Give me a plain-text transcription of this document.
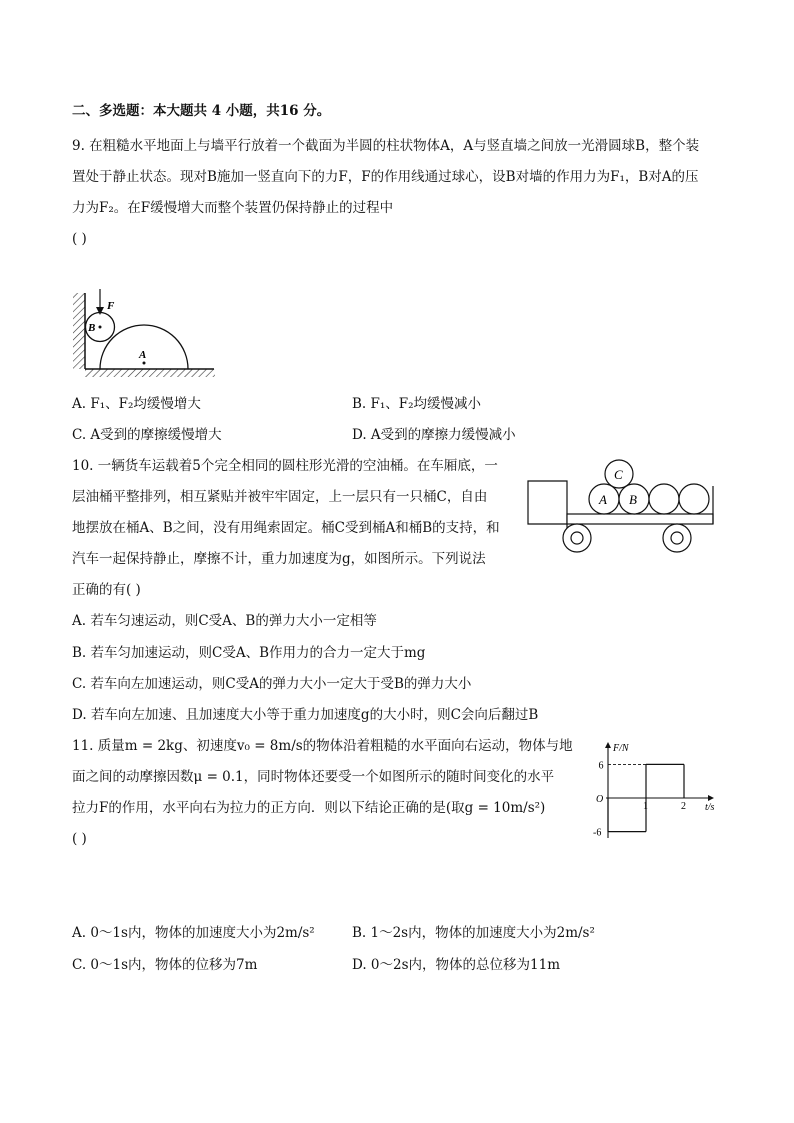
二、多选题：本大题共 4 小题，共16 分。
9. 在粗糙水平地面上与墙平行放着一个截面为半圆的柱状物体A，A与竖直墙之间放一光滑圆球B，整个装
置处于静止状态。现对B施加一竖直向下的力F，F的作用线通过球心，设B对墙的作用力为F₁，B对A的压
力为F₂。在F缓慢增大而整个装置仍保持静止的过程中
( )
F
B
A
A. F₁、F₂均缓慢增大	B. F₁、F₂均缓慢减小
C. A受到的摩擦缓慢增大	D. A受到的摩擦力缓慢减小
10. 一辆货车运载着5个完全相同的圆柱形光滑的空油桶。在车厢底，一
层油桶平整排列，相互紧贴并被牢牢固定，上一层只有一只桶C，自由
地摆放在桶A、B之间，没有用绳索固定。桶C受到桶A和桶B的支持，和
汽车一起保持静止，摩擦不计，重力加速度为g，如图所示。下列说法
正确的有( )
C
A B
A. 若车匀速运动，则C受A、B的弹力大小一定相等
B. 若车匀加速运动，则C受A、B作用力的合力一定大于mg
C. 若车向左加速运动，则C受A的弹力大小一定大于受B的弹力大小
D. 若车向左加速、且加速度大小等于重力加速度g的大小时，则C会向后翻过B
11. 质量m = 2kg、初速度v₀ = 8m/s的物体沿着粗糙的水平面向右运动，物体与地
面之间的动摩擦因数μ = 0.1，同时物体还要受一个如图所示的随时间变化的水平
拉力F的作用，水平向右为拉力的正方向．则以下结论正确的是(取g = 10m/s²)
( )
F/N
t/s
O
1	2
6
-6
A. 0～1s内，物体的加速度大小为2m/s²	B. 1～2s内，物体的加速度大小为2m/s²
C. 0～1s内，物体的位移为7m	D. 0～2s内，物体的总位移为11m
